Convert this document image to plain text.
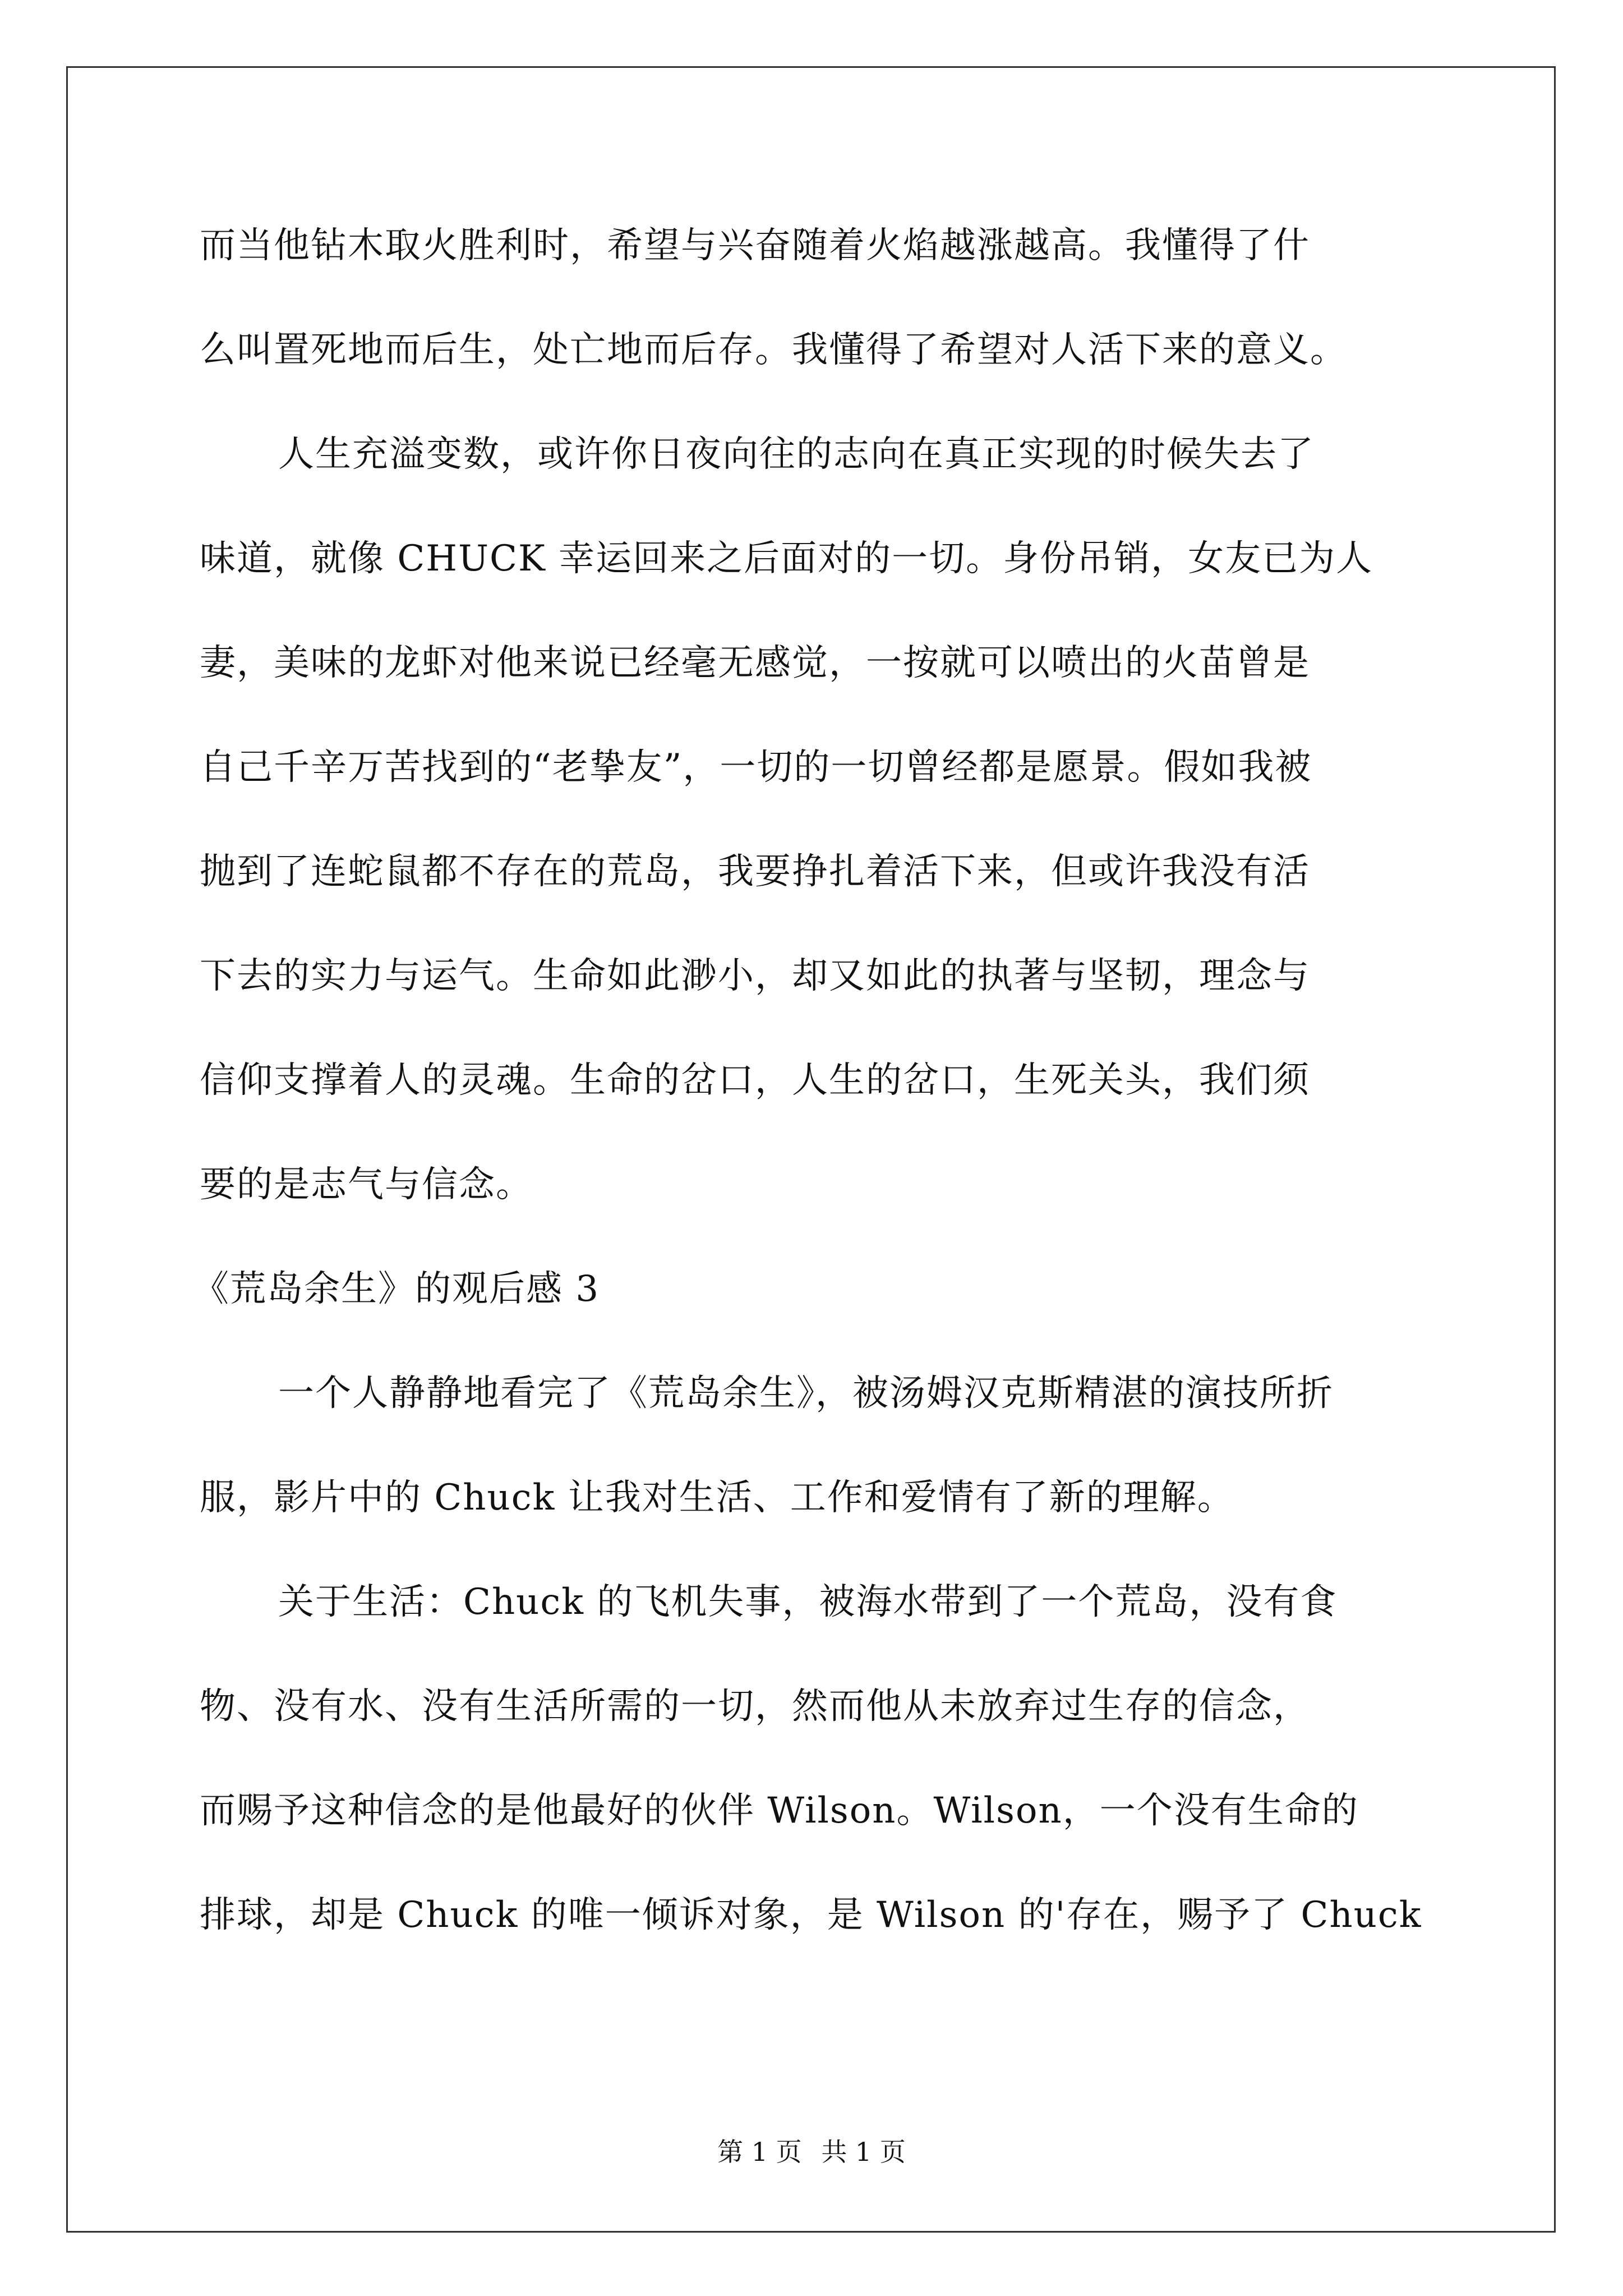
而当他钻木取火胜利时，希望与兴奋随着火焰越涨越高。我懂得了什
么叫置死地而后生，处亡地而后存。我懂得了希望对人活下来的意义。
人生充溢变数，或许你日夜向往的志向在真正实现的时候失去了
味道，就像 CHUCK 幸运回来之后面对的一切。身份吊销，女友已为人
妻，美味的龙虾对他来说已经毫无感觉，一按就可以喷出的火苗曾是
自己千辛万苦找到的“老挚友”，一切的一切曾经都是愿景。假如我被
抛到了连蛇鼠都不存在的荒岛，我要挣扎着活下来，但或许我没有活
下去的实力与运气。生命如此渺小，却又如此的执著与坚韧，理念与
信仰支撑着人的灵魂。生命的岔口，人生的岔口，生死关头，我们须
要的是志气与信念。
《荒岛余生》的观后感 3
一个人静静地看完了《荒岛余生》，被汤姆汉克斯精湛的演技所折
服，影片中的 Chuck 让我对生活、工作和爱情有了新的理解。
关于生活：Chuck 的飞机失事，被海水带到了一个荒岛，没有食
物、没有水、没有生活所需的一切，然而他从未放弃过生存的信念，
而赐予这种信念的是他最好的伙伴 Wilson。Wilson，一个没有生命的
排球，却是 Chuck 的唯一倾诉对象，是 Wilson 的'存在，赐予了 Chuck
第 1 页 共 1 页
